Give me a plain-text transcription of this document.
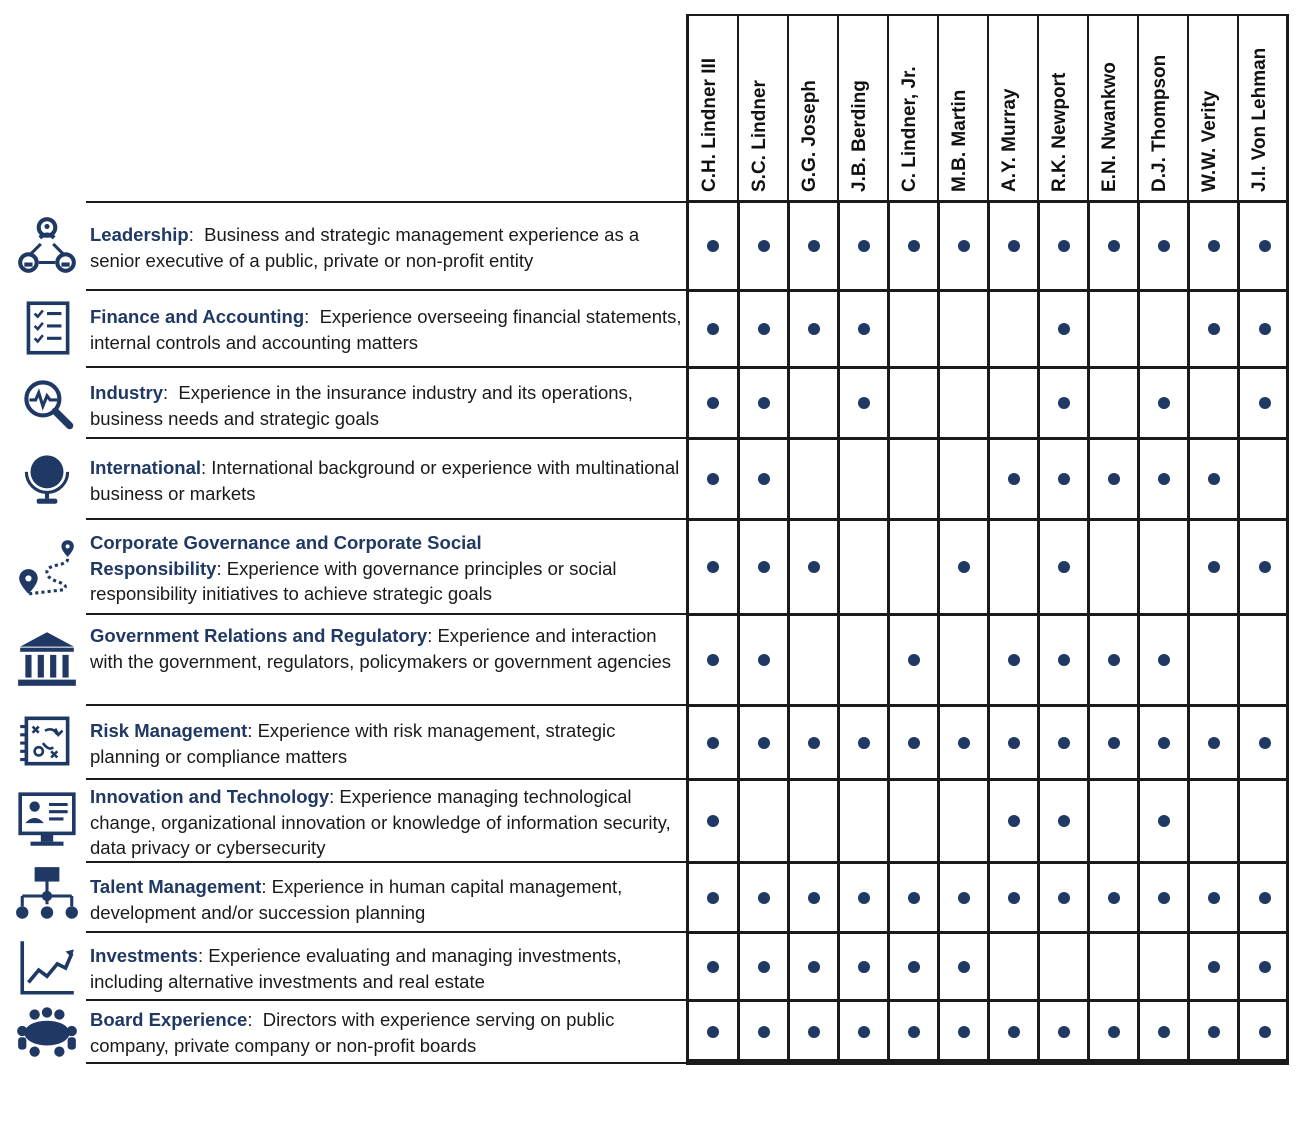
C.H. Lindner III S.C. Lindner G.G. Joseph J.B. Berding C. Lindner, Jr. M.B. Martin A.Y. Murray R.K. Newport E.N. Nwankwo D.J. Thompson W.W. Verity J.I. Von Lehman
Leadership:  Business and strategic management experience as a senior executive of a public, private or non-profit entity
Finance and Accounting:  Experience overseeing financial statements, internal controls and accounting matters
Industry:  Experience in the insurance industry and its operations, business needs and strategic goals
International: International background or experience with multinational business or markets
Corporate Governance and Corporate Social Responsibility: Experience with governance principles or social responsibility initiatives to achieve strategic goals
Government Relations and Regulatory: Experience and interaction with the government, regulators, policymakers or government agencies
Risk Management: Experience with risk management, strategic planning or compliance matters
Innovation and Technology: Experience managing technological change, organizational innovation or knowledge of information security, data privacy or cybersecurity
Talent Management: Experience in human capital management, development and/or succession planning
Investments: Experience evaluating and managing investments, including alternative investments and real estate
Board Experience:  Directors with experience serving on public company, private company or non-profit boards
